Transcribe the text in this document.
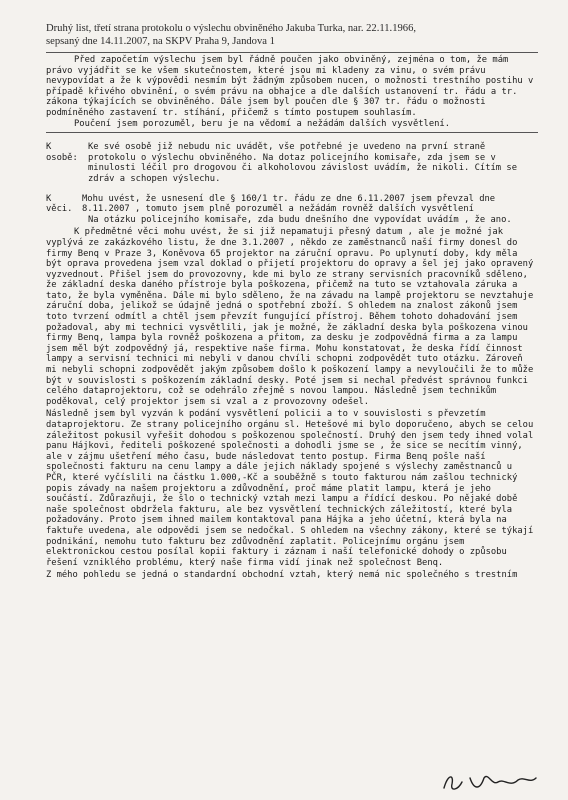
Druhý list, třetí strana protokolu o výslechu obviněného Jakuba Turka, nar. 22.11.1966,
sepsaný dne 14.11.2007, na SKPV Praha 9, Jandova 1

Před započetím výslechu jsem byl řádně poučen jako obviněný, zejména o tom, že mám právo vyjádřit se ke všem skutečnostem, které jsou mi kladeny za vinu, o svém právu nevypovídat a že k výpovědi nesmím být žádným způsobem nucen, o možnosti trestního postihu v případě křivého obvinění, o svém právu na obhajce a dle dalších ustanovení tr. řádu a tr. zákona týkajících se obviněného. Dále jsem byl poučen dle § 307 tr. řádu o možnosti podmíněného zastavení tr. stíhání, přičemž s tímto postupem souhlasím.

Poučení jsem porozuměl, beru je na vědomí a nežádám dalších vysvětlení.

K osobě:

Ke své osobě již nebudu nic uvádět, vše potřebné je uvedeno na první straně protokolu o výslechu obviněného. Na dotaz policejního komisaře, zda jsem se v minulosti léčil pro drogovou či alkoholovou závislost uvádím, že nikoli. Cítím se zdráv a schopen výslechu.

K věci.

Mohu uvést, že usnesení dle § 160/1 tr. řádu ze dne 6.11.2007 jsem převzal dne 8.11.2007 , tomuto jsem plně porozuměl a nežádám rovněž dalších vysvětlení

Na otázku policejního komisaře, zda budu dnešního dne vypovídat uvádím , že ano.

K předmětné věci mohu uvést, že si již nepamatuji přesný datum , ale je možné jak vyplývá ze zakázkového listu, že dne 3.1.2007 , někdo ze zaměstnanců naší firmy donesl do firmy Benq v Praze 3, Koněvova 65 projektor na záruční opravu. Po uplynutí doby, kdy měla být oprava provedena jsem vzal doklad o přijetí projektoru do opravy a šel jej jako opravený vyzvednout. Přišel jsem do provozovny, kde mi bylo ze strany servisních pracovníků sděleno, že základní deska daného přístroje byla poškozena, přičemž na tuto se vztahovala záruka a tato, že byla vyměněna. Dále mi bylo sděleno, že na závadu na lampě projektoru se nevztahuje záruční doba, jelikož se údajně jedná o spotřební zboží. S ohledem na znalost zákonů jsem toto tvrzení odmítl a chtěl jsem převzít fungující přístroj. Během tohoto dohadování jsem požadoval, aby mi technici vysvětlili, jak je možné, že základní deska byla poškozena vinou firmy Benq, lampa byla rovněž poškozena a přitom, za desku je zodpovědná firma a za lampu jsem měl být zodpovědný já, respektive naše firma. Mohu konstatovat, že deska řídí činnost lampy a servisní technici mi nebyli v danou chvíli schopni zodpovědět tuto otázku. Zároveň mi nebyli schopni zodpovědět jakým způsobem došlo k poškození lampy a nevyloučili že to může být v souvislosti s poškozením základní desky. Poté jsem si nechal předvést správnou funkci celého dataprojektoru, což se odehrálo zřejmě s novou lampou. Následně jsem technikům poděkoval, celý projektor jsem si vzal a z provozovny odešel.

Následně jsem byl vyzván k podání vysvětlení policii a to v souvislosti s převzetím dataprojektoru. Ze strany policejního orgánu sl. Hetešové mi bylo doporučeno, abych se celou záležitost pokusil vyřešit dohodou s poškozenou společností. Druhý den jsem tedy ihned volal panu Hájkovi, řediteli poškozené společnosti a dohodli jsme se , že sice se necítím vinný, ale v zájmu ušetření mého času, bude následovat tento postup. Firma Benq pošle naší společnosti fakturu na cenu lampy a dále jejich náklady spojené s výslechy zaměstnanců u PČR, které vyčíslili na částku 1.000,-Kč a souběžně s touto fakturou nám zašlou technický popis závady na našem projektoru a zdůvodnění, proč máme platit lampu, která je jeho součástí. Zdůrazňuji, že šlo o technický vztah mezi lampu a řídící deskou. Po nějaké době naše společnost obdržela fakturu, ale bez vysvětlení technických záležitostí, které byla požadovány. Proto jsem ihned mailem kontaktoval pana Hájka a jeho účetní, která byla na faktuře uvedena, ale odpovědi jsem se nedočkal. S ohledem na všechny zákony, které se týkají podnikání, nemohu tuto fakturu bez zdůvodnění zaplatit. Policejnímu orgánu jsem elektronickou cestou posílal kopii faktury i záznam i naší telefonické dohody o způsobu řešení vzniklého problému, který naše firma vidí jinak než společnost Benq.

Z mého pohledu se jedná o standardní obchodní vztah, který nemá nic společného s trestním
